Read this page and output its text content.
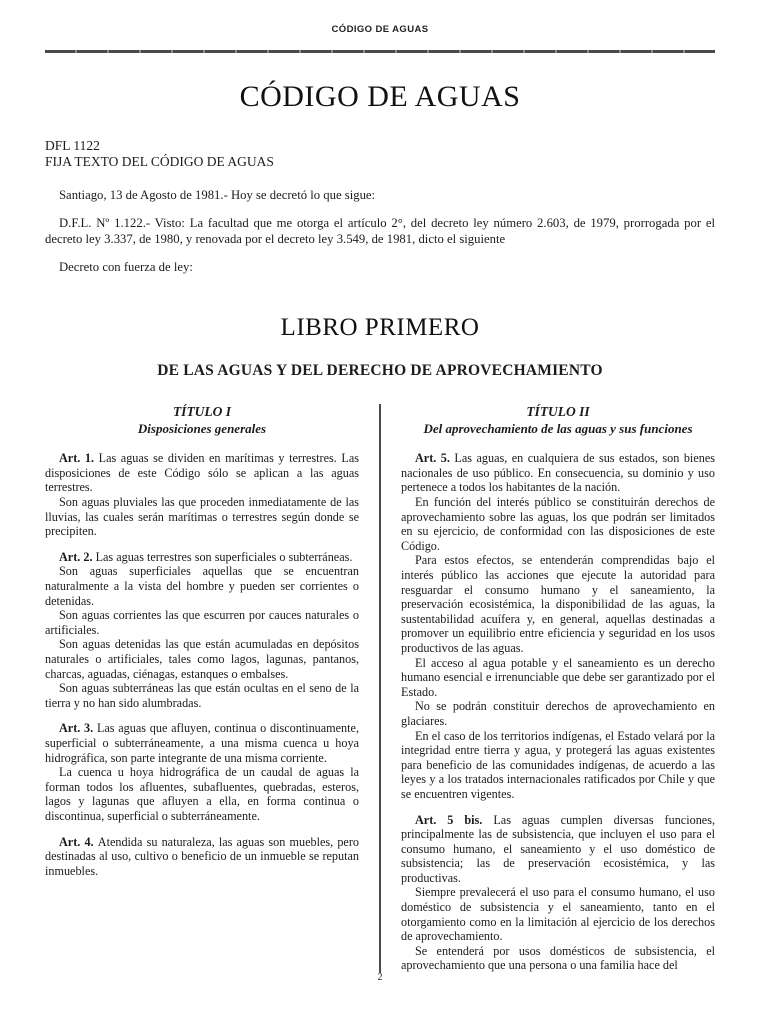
CÓDIGO DE AGUAS
CÓDIGO DE AGUAS
DFL 1122
FIJA TEXTO DEL CÓDIGO DE AGUAS

Santiago, 13 de Agosto de 1981.- Hoy se decretó lo que sigue:

D.F.L. Nº 1.122.- Visto: La facultad que me otorga el artículo 2°, del decreto ley número 2.603, de 1979, prorrogada por el decreto ley 3.337, de 1980, y renovada por el decreto ley 3.549, de 1981, dicto el siguiente

Decreto con fuerza de ley:

LIBRO PRIMERO
DE LAS AGUAS Y DEL DERECHO DE APROVECHAMIENTO
TÍTULO I
Disposiciones generales

Art. 1. Las aguas se dividen en marítimas y terrestres. Las disposiciones de este Código sólo se aplican a las aguas terrestres.

Son aguas pluviales las que proceden inmediatamente de las lluvias, las cuales serán marítimas o terrestres según donde se precipiten.

Art. 2. Las aguas terrestres son superficiales o subterráneas.

Son aguas superficiales aquellas que se encuentran naturalmente a la vista del hombre y pueden ser corrientes o detenidas.

Son aguas corrientes las que escurren por cauces naturales o artificiales.

Son aguas detenidas las que están acumuladas en depósitos naturales o artificiales, tales como lagos, lagunas, pantanos, charcas, aguadas, ciénagas, estanques o embalses.

Son aguas subterráneas las que están ocultas en el seno de la tierra y no han sido alumbradas.

Art. 3. Las aguas que afluyen, continua o discontinuamente, superficial o subterráneamente, a una misma cuenca u hoya hidrográfica, son parte integrante de una misma corriente.

La cuenca u hoya hidrográfica de un caudal de aguas la forman todos los afluentes, subafluentes, quebradas, esteros, lagos y lagunas que afluyen a ella, en forma continua o discontinua, superficial o subterráneamente.

Art. 4. Atendida su naturaleza, las aguas son muebles, pero destinadas al uso, cultivo o beneficio de un inmueble se reputan inmuebles.

TÍTULO II
Del aprovechamiento de las aguas y sus funciones

Art. 5. Las aguas, en cualquiera de sus estados, son bienes nacionales de uso público. En consecuencia, su dominio y uso pertenece a todos los habitantes de la nación.

En función del interés público se constituirán derechos de aprovechamiento sobre las aguas, los que podrán ser limitados en su ejercicio, de conformidad con las disposiciones de este Código.

Para estos efectos, se entenderán comprendidas bajo el interés público las acciones que ejecute la autoridad para resguardar el consumo humano y el saneamiento, la preservación ecosistémica, la disponibilidad de las aguas, la sustentabilidad acuífera y, en general, aquellas destinadas a promover un equilibrio entre eficiencia y seguridad en los usos productivos de las aguas.

El acceso al agua potable y el saneamiento es un derecho humano esencial e irrenunciable que debe ser garantizado por el Estado.

No se podrán constituir derechos de aprovechamiento en glaciares.

En el caso de los territorios indígenas, el Estado velará por la integridad entre tierra y agua, y protegerá las aguas existentes para beneficio de las comunidades indígenas, de acuerdo a las leyes y a los tratados internacionales ratificados por Chile y que se encuentren vigentes.

Art. 5 bis. Las aguas cumplen diversas funciones, principalmente las de subsistencia, que incluyen el uso para el consumo humano, el saneamiento y el uso doméstico de subsistencia; las de preservación ecosistémica, y las productivas.

Siempre prevalecerá el uso para el consumo humano, el uso doméstico de subsistencia y el saneamiento, tanto en el otorgamiento como en la limitación al ejercicio de los derechos de aprovechamiento.

Se entenderá por usos domésticos de subsistencia, el aprovechamiento que una persona o una familia hace del

2
